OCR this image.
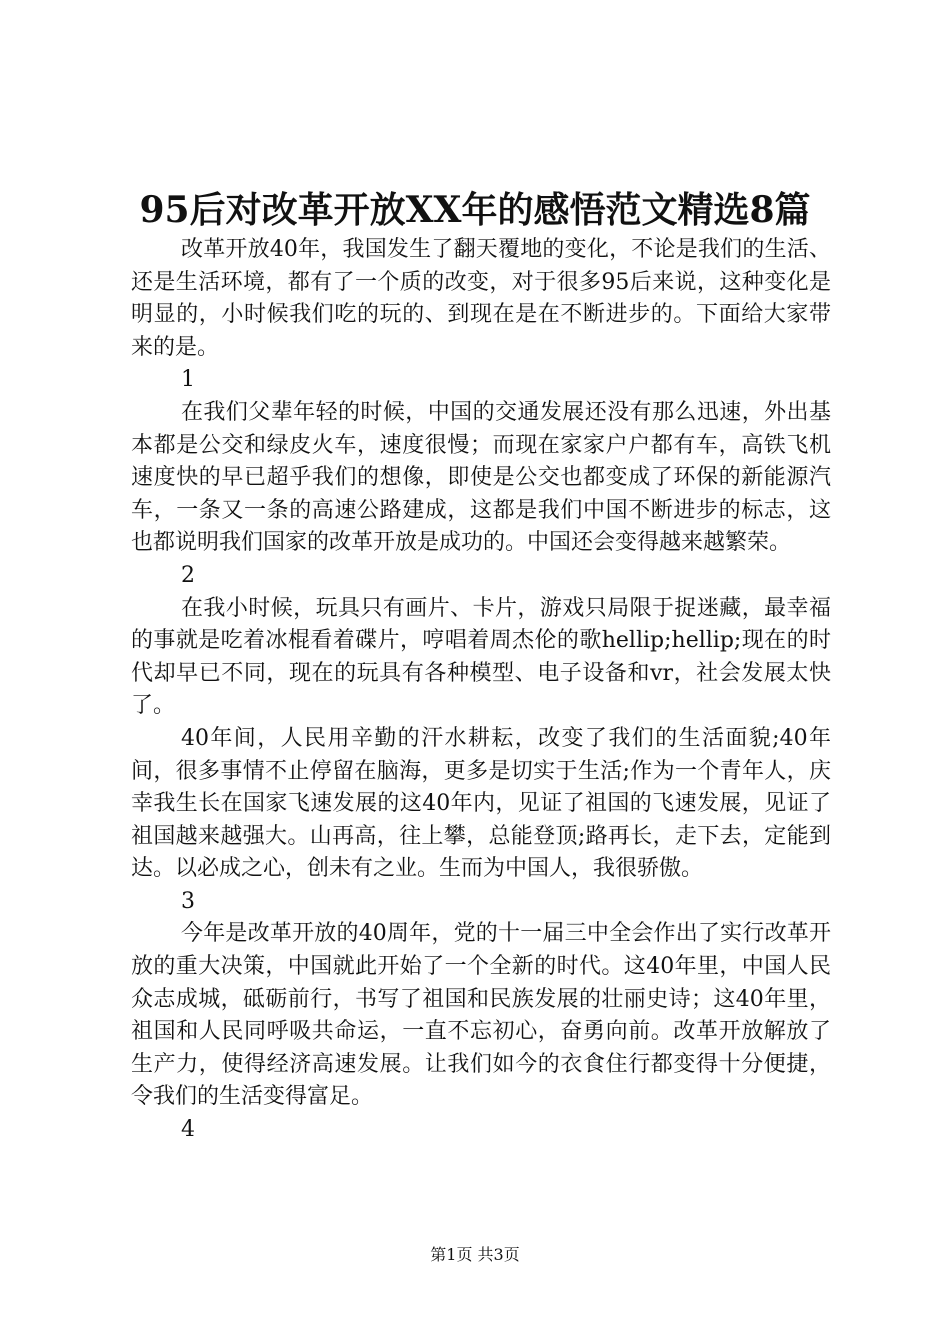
95后对改革开放XX年的感悟范文精选8篇

改革开放40年，我国发生了翻天覆地的变化，不论是我们的生活、还是生活环境，都有了一个质的改变，对于很多95后来说，这种变化是明显的，小时候我们吃的玩的、到现在是在不断进步的。下面给大家带来的是。

1

在我们父辈年轻的时候，中国的交通发展还没有那么迅速，外出基本都是公交和绿皮火车，速度很慢；而现在家家户户都有车，高铁飞机速度快的早已超乎我们的想像，即使是公交也都变成了环保的新能源汽车，一条又一条的高速公路建成，这都是我们中国不断进步的标志，这也都说明我们国家的改革开放是成功的。中国还会变得越来越繁荣。

2

在我小时候，玩具只有画片、卡片，游戏只局限于捉迷藏，最幸福的事就是吃着冰棍看着碟片，哼唱着周杰伦的歌hellip;hellip;现在的时代却早已不同，现在的玩具有各种模型、电子设备和vr，社会发展太快了。

40年间，人民用辛勤的汗水耕耘，改变了我们的生活面貌;40年间，很多事情不止停留在脑海，更多是切实于生活;作为一个青年人，庆幸我生长在国家飞速发展的这40年内，见证了祖国的飞速发展，见证了祖国越来越强大。山再高，往上攀，总能登顶;路再长，走下去，定能到达。以必成之心，创未有之业。生而为中国人，我很骄傲。

3

今年是改革开放的40周年，党的十一届三中全会作出了实行改革开放的重大决策，中国就此开始了一个全新的时代。这40年里，中国人民众志成城，砥砺前行，书写了祖国和民族发展的壮丽史诗；这40年里，祖国和人民同呼吸共命运，一直不忘初心，奋勇向前。改革开放解放了生产力，使得经济高速发展。让我们如今的衣食住行都变得十分便捷，令我们的生活变得富足。

4

第1页 共3页
